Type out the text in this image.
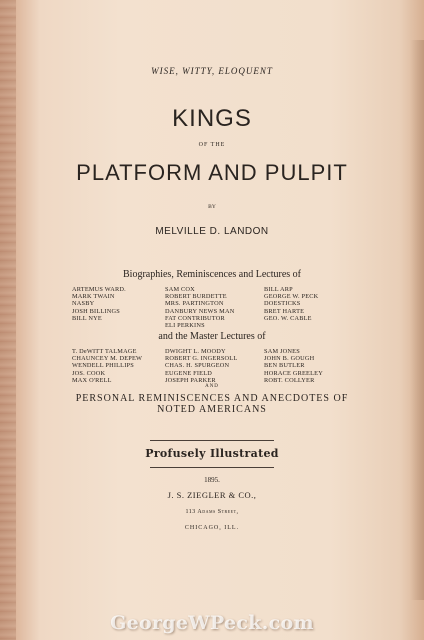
WISE, WITTY, ELOQUENT
KINGS
OF THE
PLATFORM AND PULPIT
BY
MELVILLE D. LANDON
Biographies, Reminiscences and Lectures of
ARTEMUS WARD.
MARK TWAIN
NASBY
JOSH BILLINGS
BILL NYE
SAM COX
ROBERT BURDETTE
MRS. PARTINGTON
DANBURY NEWS MAN
FAT CONTRIBUTOR
ELI PERKINS
BILL ARP
GEORGE W. PECK
DOESTICKS
BRET HARTE
GEO. W. CABLE
and the Master Lectures of
T. DeWITT TALMAGE
CHAUNCEY M. DEPEW
WENDELL PHILLIPS
JOS. COOK
MAX O'RELL
DWIGHT L. MOODY
ROBERT G. INGERSOLL
CHAS. H. SPURGEON
EUGENE FIELD
JOSEPH PARKER
SAM JONES
JOHN B. GOUGH
BEN BUTLER
HORACE GREELEY
ROBT. COLLYER
AND
PERSONAL REMINISCENCES AND ANECDOTES OF
NOTED AMERICANS
Profusely Illustrated
1895.
J. S. ZIEGLER & CO.,
113 Adams Street,
CHICAGO, ILL.
GeorgeWPeck.com
